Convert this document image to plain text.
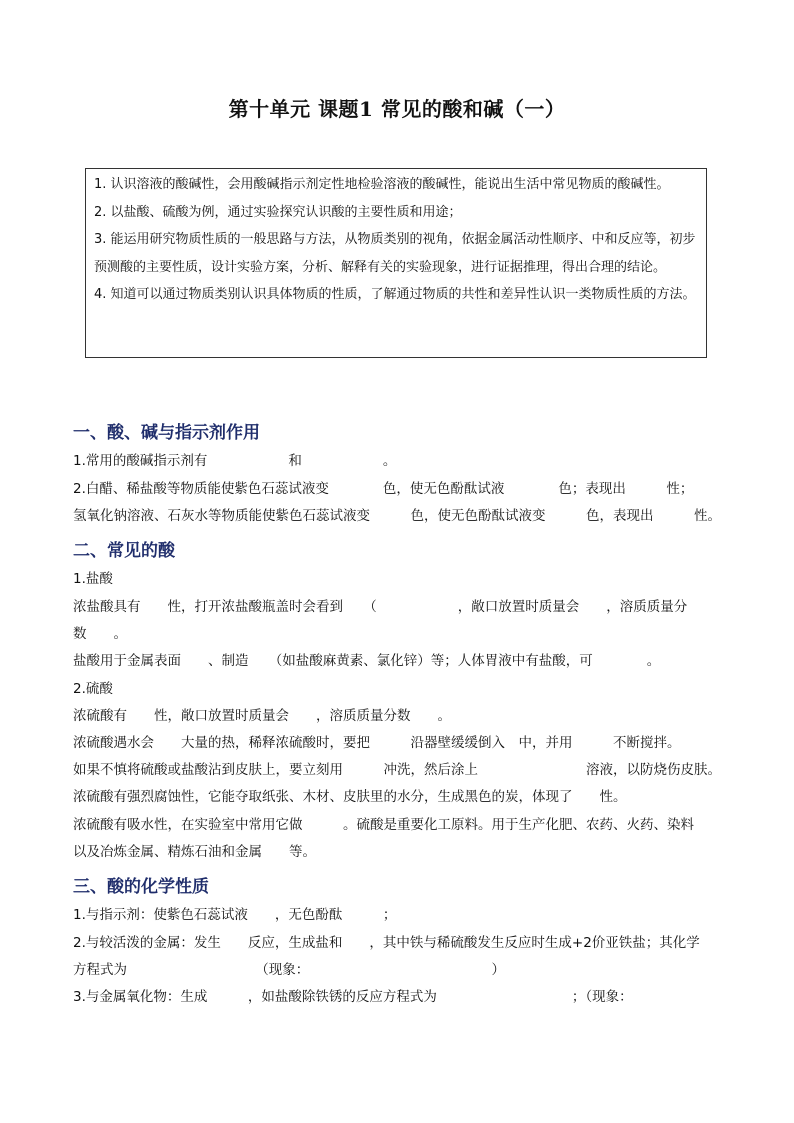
第十单元 课题1 常见的酸和碱（一）

1. 认识溶液的酸碱性，会用酸碱指示剂定性地检验溶液的酸碱性，能说出生活中常见物质的酸碱性。

2. 以盐酸、硫酸为例，通过实验探究认识酸的主要性质和用途；

3. 能运用研究物质性质的一般思路与方法，从物质类别的视角，依据金属活动性顺序、中和反应等，初步预测酸的主要性质，设计实验方案，分析、解释有关的实验现象，进行证据推理，得出合理的结论。

4. 知道可以通过物质类别认识具体物质的性质，了解通过物质的共性和差异性认识一类物质性质的方法。

一、酸、碱与指示剂作用
1.常用的酸碱指示剂有　　　　　　和　　　　　　。
2.白醋、稀盐酸等物质能使紫色石蕊试液变　　　　色，使无色酚酞试液　　　　色；表现出　　　性；
氢氧化钠溶液、石灰水等物质能使紫色石蕊试液变　　　色，使无色酚酞试液变　　　色，表现出　　　性。
二、常见的酸
1.盐酸
浓盐酸具有　　性，打开浓盐酸瓶盖时会看到　　（　　　　　　，敞口放置时质量会　　，溶质质量分
数　　。
盐酸用于金属表面　　、制造　　（如盐酸麻黄素、氯化锌）等；人体胃液中有盐酸，可　　　　。
2.硫酸
浓硫酸有　　性，敞口放置时质量会　　，溶质质量分数　　。
浓硫酸遇水会　　大量的热，稀释浓硫酸时，要把　　　沿器壁缓缓倒入　中，并用　　　不断搅拌。
如果不慎将硫酸或盐酸沾到皮肤上，要立刻用　　　冲洗，然后涂上　　　　　　　　溶液，以防烧伤皮肤。
浓硫酸有强烈腐蚀性，它能夺取纸张、木材、皮肤里的水分，生成黑色的炭，体现了　　性。
浓硫酸有吸水性，在实验室中常用它做　　　。硫酸是重要化工原料。用于生产化肥、农药、火药、染料
以及冶炼金属、精炼石油和金属　　等。
三、酸的化学性质
1.与指示剂：使紫色石蕊试液　　，无色酚酞　　　；
2.与较活泼的金属：发生　　反应，生成盐和　　，其中铁与稀硫酸发生反应时生成+2价亚铁盐；其化学
方程式为　　　　　　　　　　（现象：　　　　　　　　　　　　　　）
3.与金属氧化物：生成　　　，如盐酸除铁锈的反应方程式为　　　　　　　　　　；（现象：
